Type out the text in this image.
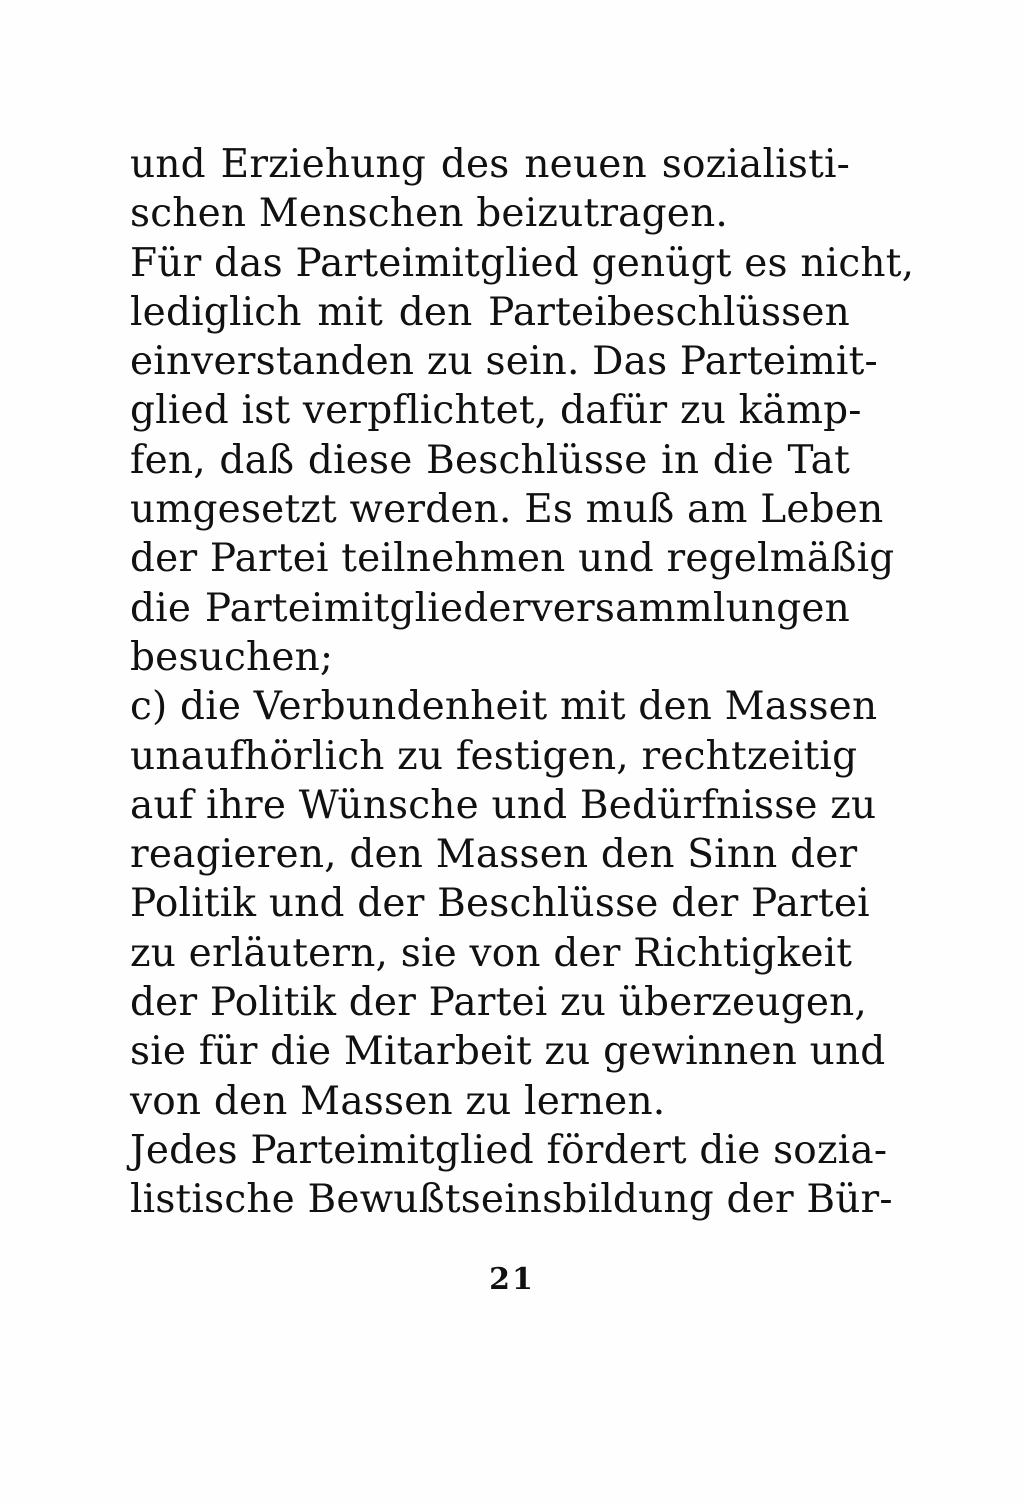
und Erziehung des neuen sozialisti-
schen Menschen beizutragen.
Für das Parteimitglied genügt es nicht,
lediglich mit den Parteibeschlüssen
einverstanden zu sein. Das Parteimit-
glied ist verpflichtet, dafür zu kämp-
fen, daß diese Beschlüsse in die Tat
umgesetzt werden. Es muß am Leben
der Partei teilnehmen und regelmäßig
die Parteimitgliederversammlungen
besuchen;
c) die Verbundenheit mit den Massen
unaufhörlich zu festigen, rechtzeitig
auf ihre Wünsche und Bedürfnisse zu
reagieren, den Massen den Sinn der
Politik und der Beschlüsse der Partei
zu erläutern, sie von der Richtigkeit
der Politik der Partei zu überzeugen,
sie für die Mitarbeit zu gewinnen und
von den Massen zu lernen.
Jedes Parteimitglied fördert die sozia-
listische Bewußtseinsbildung der Bür-
21
